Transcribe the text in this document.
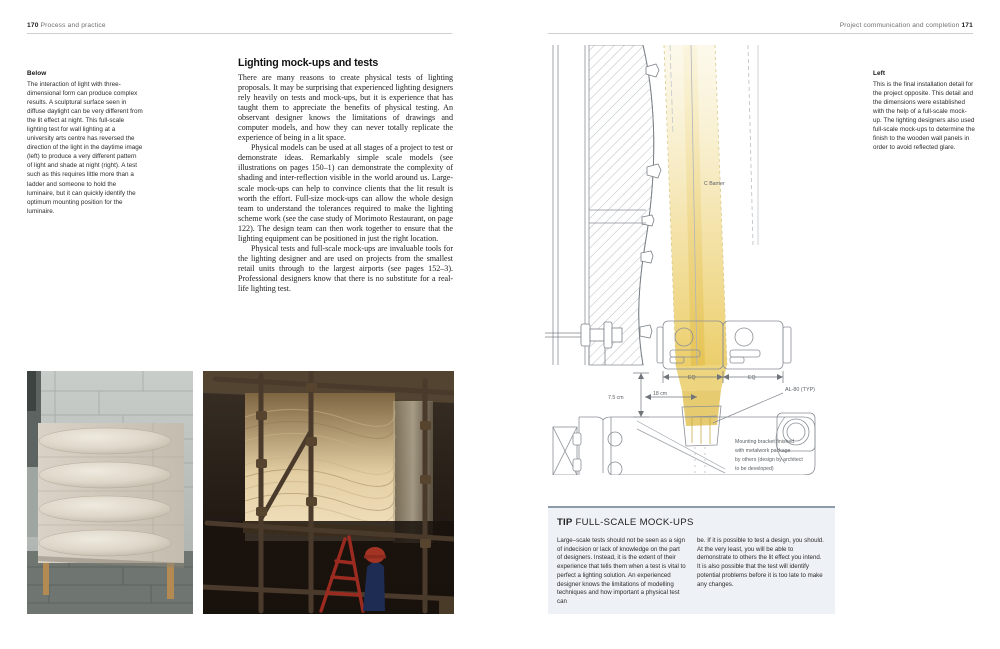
170 Process and practice
Below
The interaction of light with three-dimensional form can produce complex results. A sculptural surface seen in diffuse daylight can be very different from the lit effect at night. This full-scale lighting test for wall lighting at a university arts centre has reversed the direction of the light in the daytime image (left) to produce a very different pattern of light and shade at night (right). A test such as this requires little more than a ladder and someone to hold the luminaire, but it can quickly identify the optimum mounting position for the luminaire.
Lighting mock-ups and tests

There are many reasons to create physical tests of lighting proposals. It may be surprising that experienced lighting designers rely heavily on tests and mock-ups, but it is experience that has taught them to appreciate the benefits of physical testing. An observant designer knows the limitations of drawings and computer models, and how they can never totally replicate the experience of being in a lit space.

Physical models can be used at all stages of a project to test or demonstrate ideas. Remarkably simple scale models (see illustrations on pages 150–1) can demonstrate the complexity of shading and inter-reflection visible in the world around us. Large-scale mock-ups can help to convince clients that the lit result is worth the effort. Full-size mock-ups can allow the whole design team to understand the tolerances required to make the lighting scheme work (see the case study of Morimoto Restaurant, on page 122). The design team can then work together to ensure that the lighting equipment can be positioned in just the right location.

Physical tests and full-scale mock-ups are invaluable tools for the lighting designer and are used on projects from the smallest retail units through to the largest airports (see pages 152–3). Professional designers know that there is no substitute for a real-life lighting test.

Project communication and completion 171
Left
This is the final installation detail for the project opposite. This detail and the dimensions were established with the help of a full-scale mock-up. The lighting designers also used full-scale mock-ups to determine the finish to the wooden wall panels in order to avoid reflected glare.
C Barrier
7.5 cm
18 cm
EQ	EQ
AL-80 (TYP)
Mounting bracket finished
with metalwork package
by others (design by architect
to be developed)
TIP FULL-SCALE MOCK-UPS
Large–scale tests should not be seen as a sign of indecision or lack of knowledge on the part of designers. Instead, it is the extent of their experience that tells them when a test is vital to perfect a lighting solution. An experienced designer knows the limitations of modelling techniques and how important a physical test can
be. If it is possible to test a design, you should. At the very least, you will be able to demonstrate to others the lit effect you intend. It is also possible that the test will identify potential problems before it is too late to make any changes.
